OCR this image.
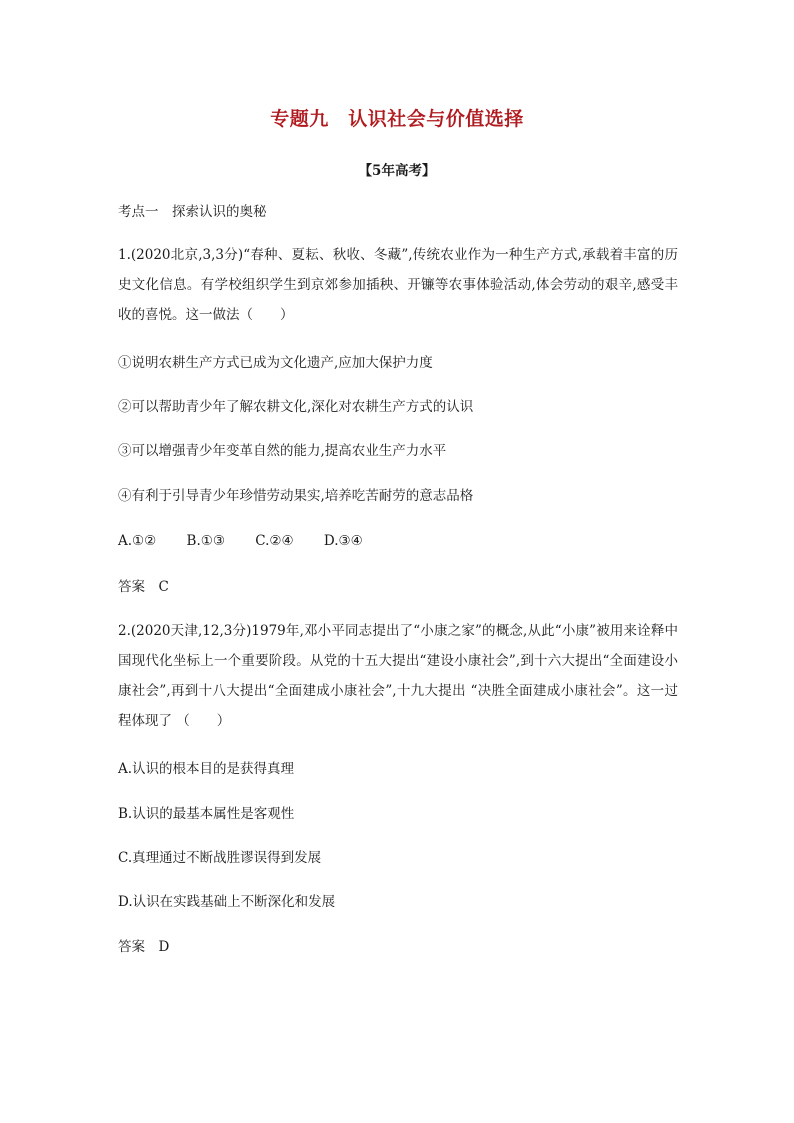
专题九　认识社会与价值选择
【5年高考】
考点一　探索认识的奥秘
1.(2020北京,3,3分)“春种、夏耘、秋收、冬藏”,传统农业作为一种生产方式,承载着丰富的历史文化信息。有学校组织学生到京郊参加插秧、开镰等农事体验活动,体会劳动的艰辛,感受丰收的喜悦。这一做法（　　）
①说明农耕生产方式已成为文化遗产,应加大保护力度
②可以帮助青少年了解农耕文化,深化对农耕生产方式的认识
③可以增强青少年变革自然的能力,提高农业生产力水平
④有利于引导青少年珍惜劳动果实,培养吃苦耐劳的意志品格
A.①② B.①③ C.②④ D.③④
答案　C
2.(2020天津,12,3分)1979年,邓小平同志提出了“小康之家”的概念,从此“小康”被用来诠释中国现代化坐标上一个重要阶段。从党的十五大提出“建设小康社会”,到十六大提出“全面建设小康社会”,再到十八大提出“全面建成小康社会”,十九大提出 “决胜全面建成小康社会”。这一过程体现了 （　　）
A.认识的根本目的是获得真理
B.认识的最基本属性是客观性
C.真理通过不断战胜谬误得到发展
D.认识在实践基础上不断深化和发展
答案　D
